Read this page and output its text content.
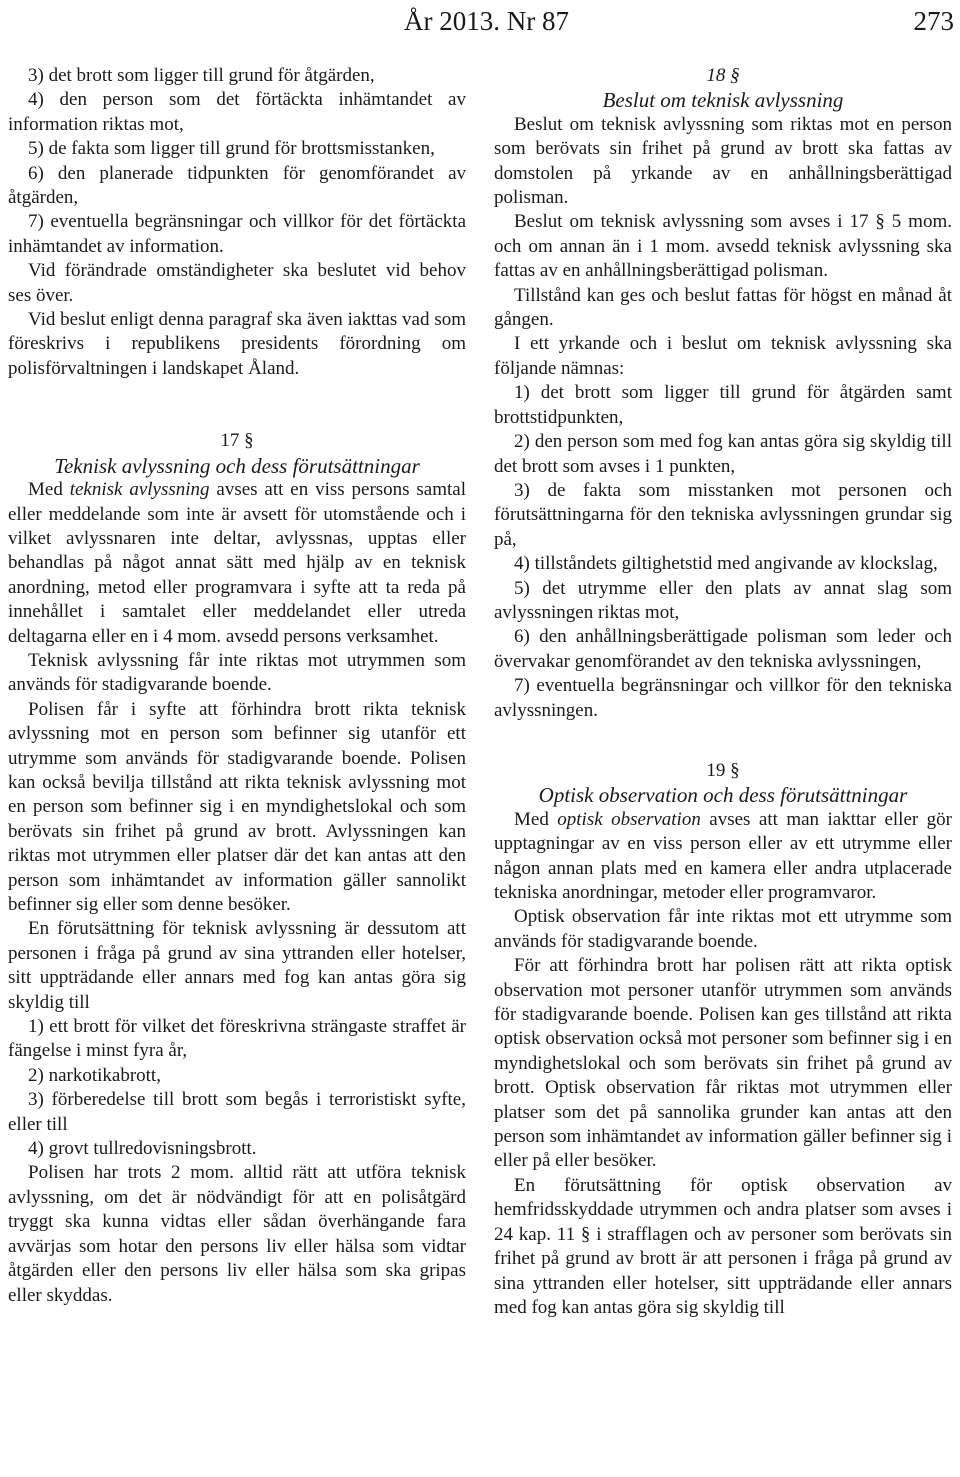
År 2013. Nr 87	273

3) det brott som ligger till grund för åtgärden,

4) den person som det förtäckta inhämtandet av information riktas mot,

5) de fakta som ligger till grund för brottsmisstanken,

6) den planerade tidpunkten för genomförandet av åtgärden,

7) eventuella begränsningar och villkor för det förtäckta inhämtandet av information.

Vid förändrade omständigheter ska beslutet vid behov ses över.

Vid beslut enligt denna paragraf ska även iakttas vad som föreskrivs i republikens presidents förordning om polisförvaltningen i landskapet Åland.

17 §

Teknisk avlyssning och dess förutsättningar

Med teknisk avlyssning avses att en viss persons samtal eller meddelande som inte är avsett för utomstående och i vilket avlyssnaren inte deltar, avlyssnas, upptas eller behandlas på något annat sätt med hjälp av en teknisk anordning, metod eller programvara i syfte att ta reda på innehållet i samtalet eller meddelandet eller utreda deltagarna eller en i 4 mom. avsedd persons verksamhet.

Teknisk avlyssning får inte riktas mot utrymmen som används för stadigvarande boende.

Polisen får i syfte att förhindra brott rikta teknisk avlyssning mot en person som befinner sig utanför ett utrymme som används för stadigvarande boende. Polisen kan också bevilja tillstånd att rikta teknisk avlyssning mot en person som befinner sig i en myndighetslokal och som berövats sin frihet på grund av brott. Avlyssningen kan riktas mot utrymmen eller platser där det kan antas att den person som inhämtandet av information gäller sannolikt befinner sig eller som denne besöker.

En förutsättning för teknisk avlyssning är dessutom att personen i fråga på grund av sina yttranden eller hotelser, sitt uppträdande eller annars med fog kan antas göra sig skyldig till

1) ett brott för vilket det föreskrivna strängaste straffet är fängelse i minst fyra år,

2) narkotikabrott,

3) förberedelse till brott som begås i terroristiskt syfte, eller till

4) grovt tullredovisningsbrott.

Polisen har trots 2 mom. alltid rätt att utföra teknisk avlyssning, om det är nödvändigt för att en polisåtgärd tryggt ska kunna vidtas eller sådan överhängande fara avvärjas som hotar den persons liv eller hälsa som vidtar åtgärden eller den persons liv eller hälsa som ska gripas eller skyddas.

18 §

Beslut om teknisk avlyssning

Beslut om teknisk avlyssning som riktas mot en person som berövats sin frihet på grund av brott ska fattas av domstolen på yrkande av en anhållningsberättigad polisman.

Beslut om teknisk avlyssning som avses i 17 § 5 mom. och om annan än i 1 mom. avsedd teknisk avlyssning ska fattas av en anhållningsberättigad polisman.

Tillstånd kan ges och beslut fattas för högst en månad åt gången.

I ett yrkande och i beslut om teknisk avlyssning ska följande nämnas:

1) det brott som ligger till grund för åtgärden samt brottstidpunkten,

2) den person som med fog kan antas göra sig skyldig till det brott som avses i 1 punkten,

3) de fakta som misstanken mot personen och förutsättningarna för den tekniska avlyssningen grundar sig på,

4) tillståndets giltighetstid med angivande av klockslag,

5) det utrymme eller den plats av annat slag som avlyssningen riktas mot,

6) den anhållningsberättigade polisman som leder och övervakar genomförandet av den tekniska avlyssningen,

7) eventuella begränsningar och villkor för den tekniska avlyssningen.

19 §

Optisk observation och dess förutsättningar

Med optisk observation avses att man iakttar eller gör upptagningar av en viss person eller av ett utrymme eller någon annan plats med en kamera eller andra utplacerade tekniska anordningar, metoder eller programvaror.

Optisk observation får inte riktas mot ett utrymme som används för stadigvarande boende.

För att förhindra brott har polisen rätt att rikta optisk observation mot personer utanför utrymmen som används för stadigvarande boende. Polisen kan ges tillstånd att rikta optisk observation också mot personer som befinner sig i en myndighetslokal och som berövats sin frihet på grund av brott. Optisk observation får riktas mot utrymmen eller platser som det på sannolika grunder kan antas att den person som inhämtandet av information gäller befinner sig i eller på eller besöker.

En förutsättning för optisk observation av hemfridsskyddade utrymmen och andra platser som avses i 24 kap. 11 § i strafflagen och av personer som berövats sin frihet på grund av brott är att personen i fråga på grund av sina yttranden eller hotelser, sitt uppträdande eller annars med fog kan antas göra sig skyldig till
